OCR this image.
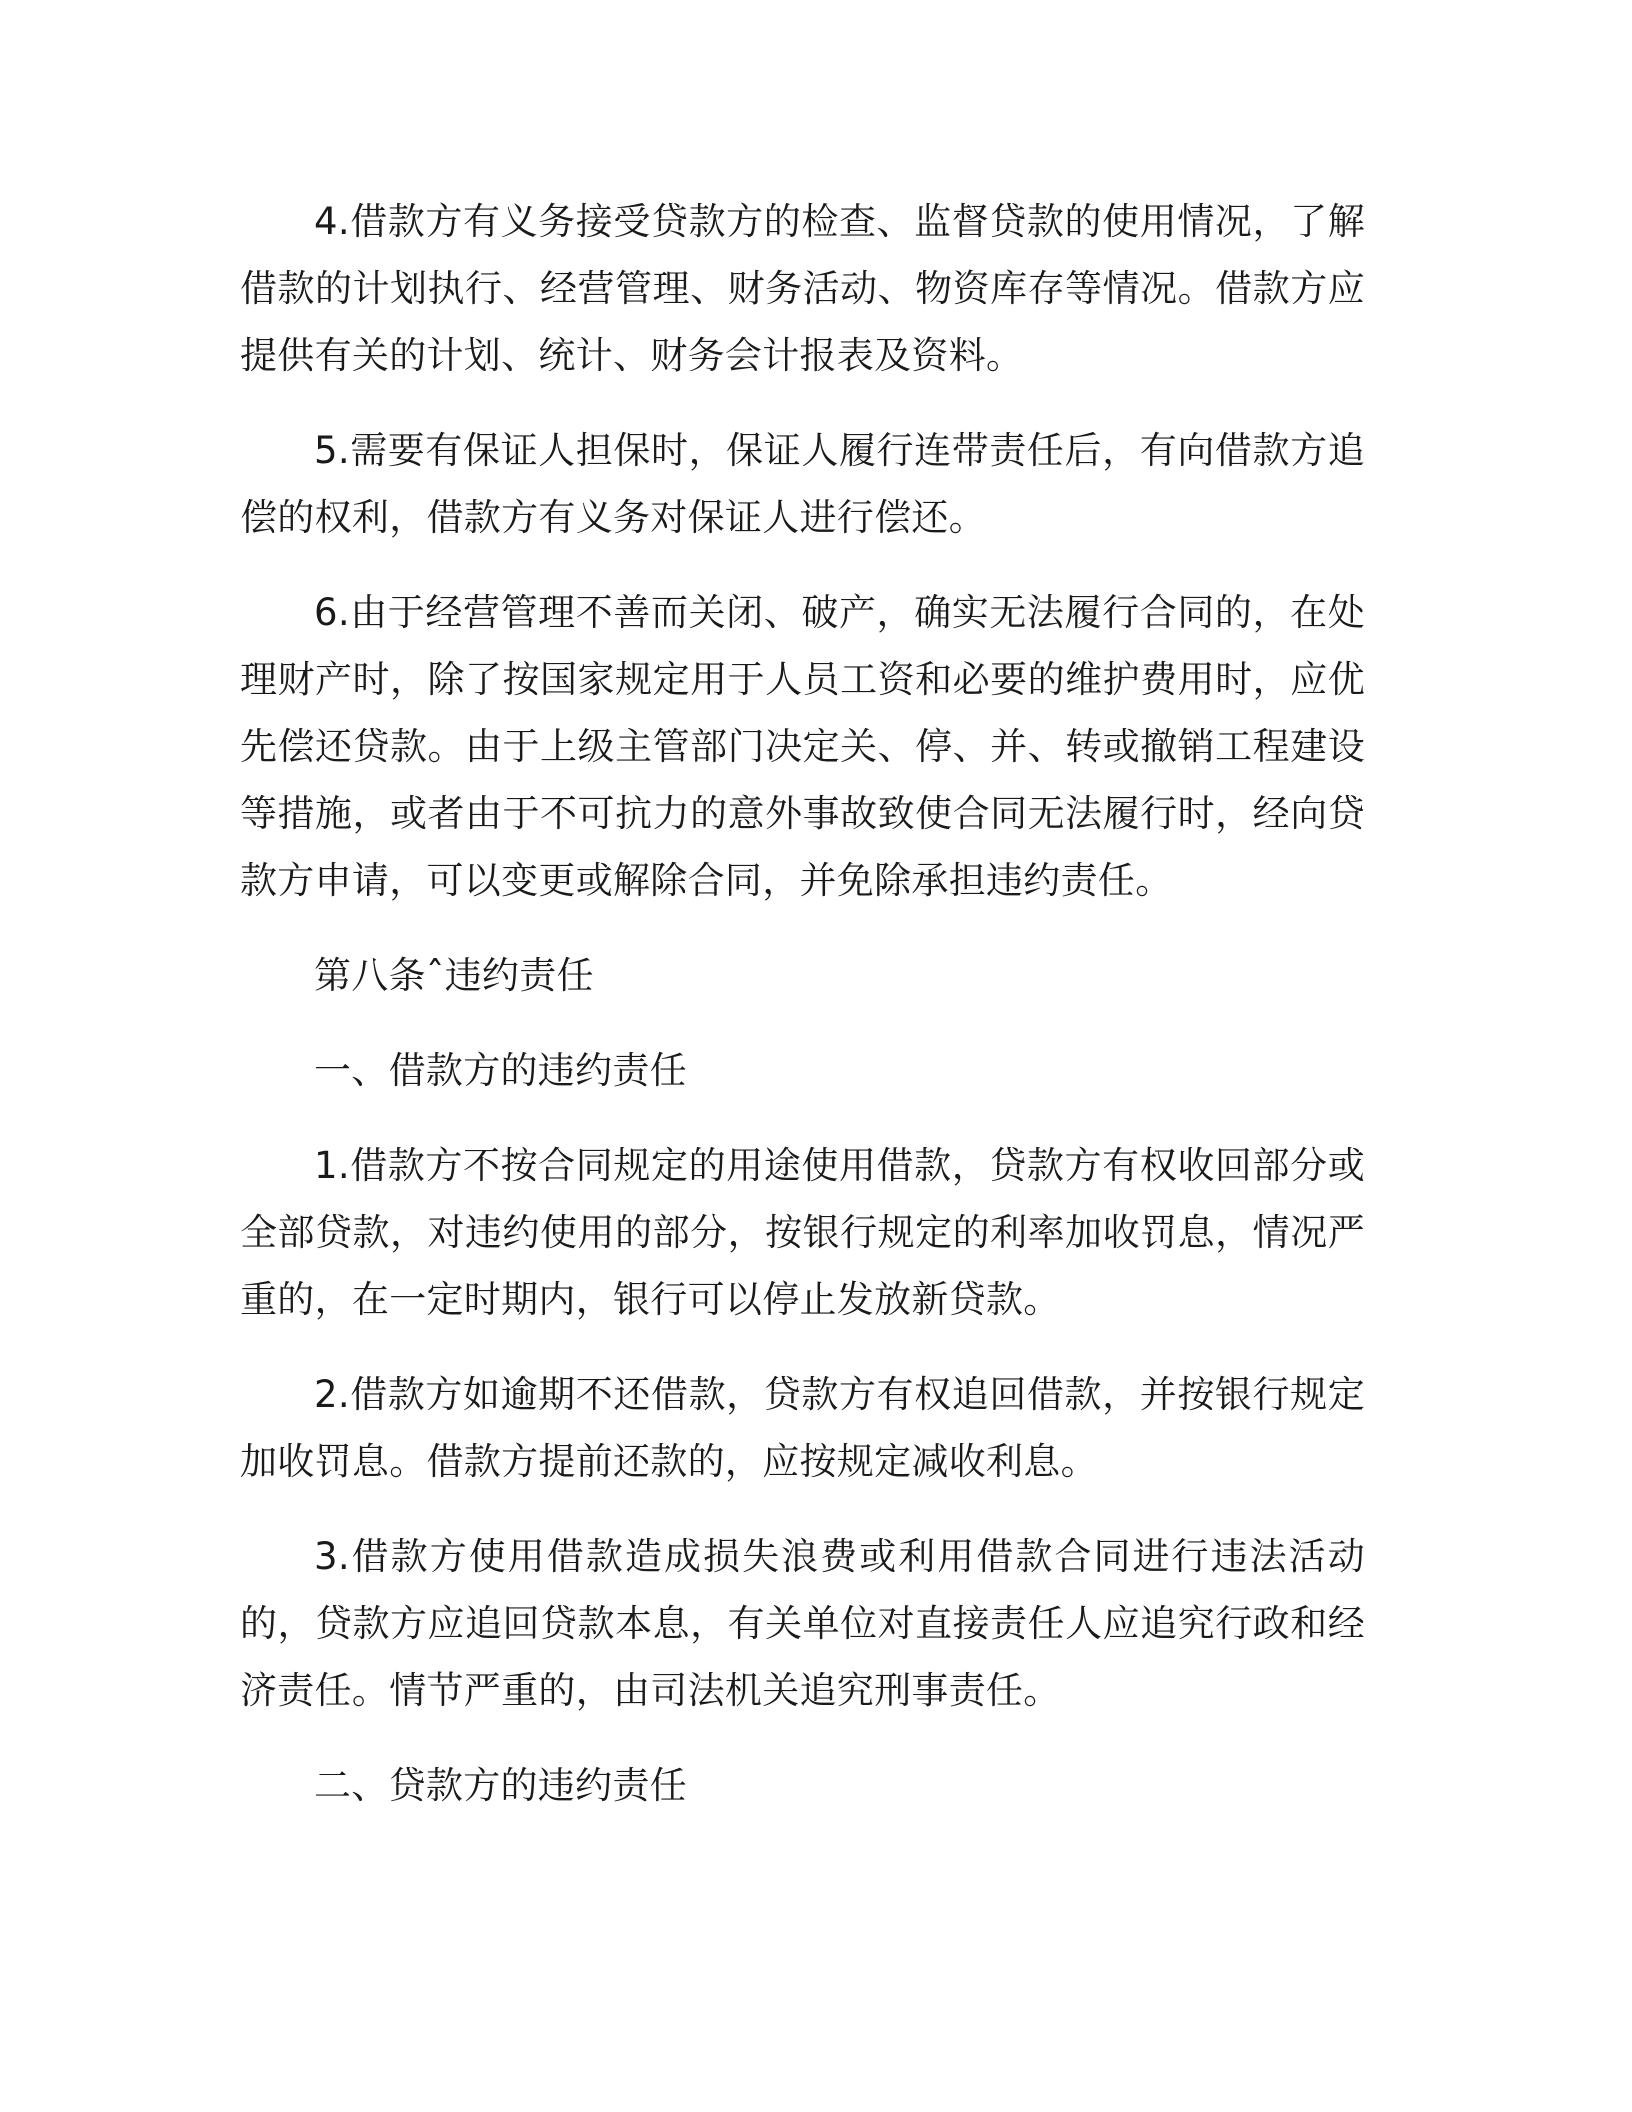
4.借款方有义务接受贷款方的检查、监督贷款的使用情况，了解借款的计划执行、经营管理、财务活动、物资库存等情况。借款方应提供有关的计划、统计、财务会计报表及资料。

5.需要有保证人担保时，保证人履行连带责任后，有向借款方追偿的权利，借款方有义务对保证人进行偿还。

6.由于经营管理不善而关闭、破产，确实无法履行合同的，在处理财产时，除了按国家规定用于人员工资和必要的维护费用时，应优先偿还贷款。由于上级主管部门决定关、停、并、转或撤销工程建设等措施，或者由于不可抗力的意外事故致使合同无法履行时，经向贷款方申请，可以变更或解除合同，并免除承担违约责任。

第八条ˆ违约责任

一、借款方的违约责任

1.借款方不按合同规定的用途使用借款，贷款方有权收回部分或全部贷款，对违约使用的部分，按银行规定的利率加收罚息，情况严重的，在一定时期内，银行可以停止发放新贷款。

2.借款方如逾期不还借款，贷款方有权追回借款，并按银行规定加收罚息。借款方提前还款的，应按规定减收利息。

3.借款方使用借款造成损失浪费或利用借款合同进行违法活动的，贷款方应追回贷款本息，有关单位对直接责任人应追究行政和经济责任。情节严重的，由司法机关追究刑事责任。

二、贷款方的违约责任
